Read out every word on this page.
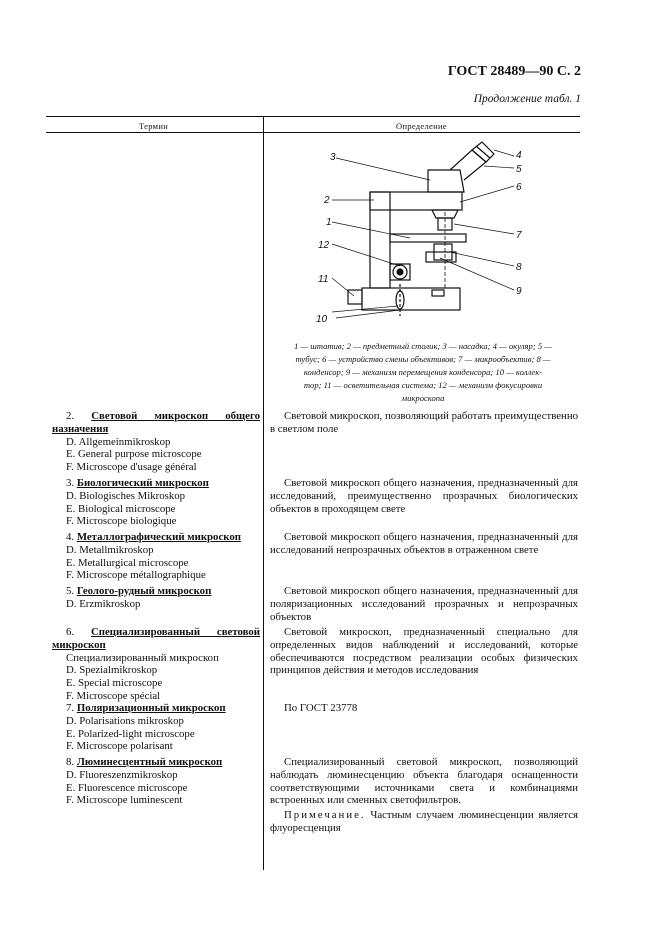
ГОСТ 28489—90 С. 2
Продолжение табл. 1
Термин	Определение
3
2
1
12
11
10
4
5
6
7
8
9
1 — штатив; 2 — предметный столик; 3 — насадка; 4 — окуляр; 5 —
тубус; 6 — устройство смены объективов; 7 — микрообъектив; 8 —
конденсор; 9 — механизм перемещения конденсора; 10 — коллек-
тор; 11 — осветительная система; 12 — механизм фокусировки
микроскопа
2. Световой микроскоп общего назначения
D. Allgemeinmikroskop
E. General purpose microscope
F. Microscope d'usage général
Световой микроскоп, позволяющий работать преимущественно в светлом поле
3. Биологический микроскоп
D. Biologisches Mikroskop
E. Biological microscope
F. Microscope biologique
Световой микроскоп общего назначения, предназначенный для исследований, преимущественно прозрачных биологических объектов в проходящем свете
4. Металлографический микроскоп
D. Metallmikroskop
E. Metallurgical microscope
F. Microscope métallographique
Световой микроскоп общего назначения, предназначенный для исследований непрозрачных объектов в отраженном свете
5. Геолого-рудный микроскоп
D. Erzmikroskop
Световой микроскоп общего назначения, предназначенный для поляризационных исследований прозрачных и непрозрачных объектов
6. Специализированный световой микроскоп
Специализированный микроскоп
D. Spezialmikroskop
E. Special microscope
F. Microscope spécial
Световой микроскоп, предназначенный специально для определенных видов наблюдений и исследований, которые обеспечиваются посредством реализации особых физических принципов действия и методов исследования
7. Поляризационный микроскоп
D. Polarisations mikroskop
E. Polarized-light microscope
F. Microscope polarisant
По ГОСТ 23778
8. Люминесцентный микроскоп
D. Fluoreszenzmikroskop
E. Fluorescence microscope
F. Microscope luminescent
Специализированный световой микроскоп, позволяющий наблюдать люминесценцию объекта благодаря оснащенности соответствующими источниками света и комбинациями встроенных или сменных светофильтров.
Примечание. Частным случаем люминесценции является флуоресценция
